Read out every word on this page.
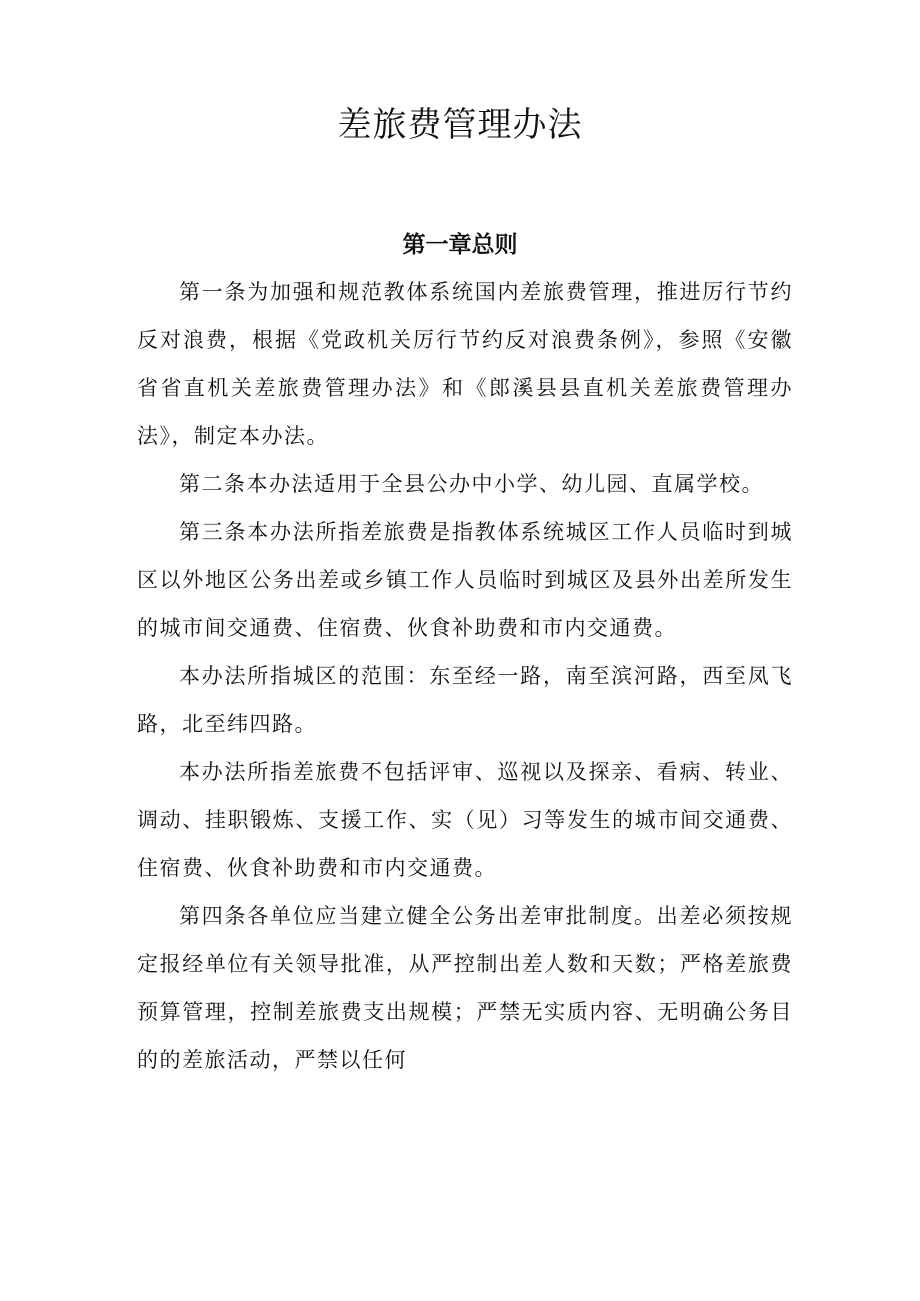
差旅费管理办法
第一章总则

第一条为加强和规范教体系统国内差旅费管理，推进厉行节约反对浪费，根据《党政机关厉行节约反对浪费条例》，参照《安徽省省直机关差旅费管理办法》和《郎溪县县直机关差旅费管理办法》，制定本办法。

第二条本办法适用于全县公办中小学、幼儿园、直属学校。

第三条本办法所指差旅费是指教体系统城区工作人员临时到城区以外地区公务出差或乡镇工作人员临时到城区及县外出差所发生的城市间交通费、住宿费、伙食补助费和市内交通费。

本办法所指城区的范围：东至经一路，南至滨河路，西至凤飞路，北至纬四路。

本办法所指差旅费不包括评审、巡视以及探亲、看病、转业、调动、挂职锻炼、支援工作、实（见）习等发生的城市间交通费、住宿费、伙食补助费和市内交通费。

第四条各单位应当建立健全公务出差审批制度。出差必须按规定报经单位有关领导批准，从严控制出差人数和天数；严格差旅费预算管理，控制差旅费支出规模；严禁无实质内容、无明确公务目的的差旅活动，严禁以任何
